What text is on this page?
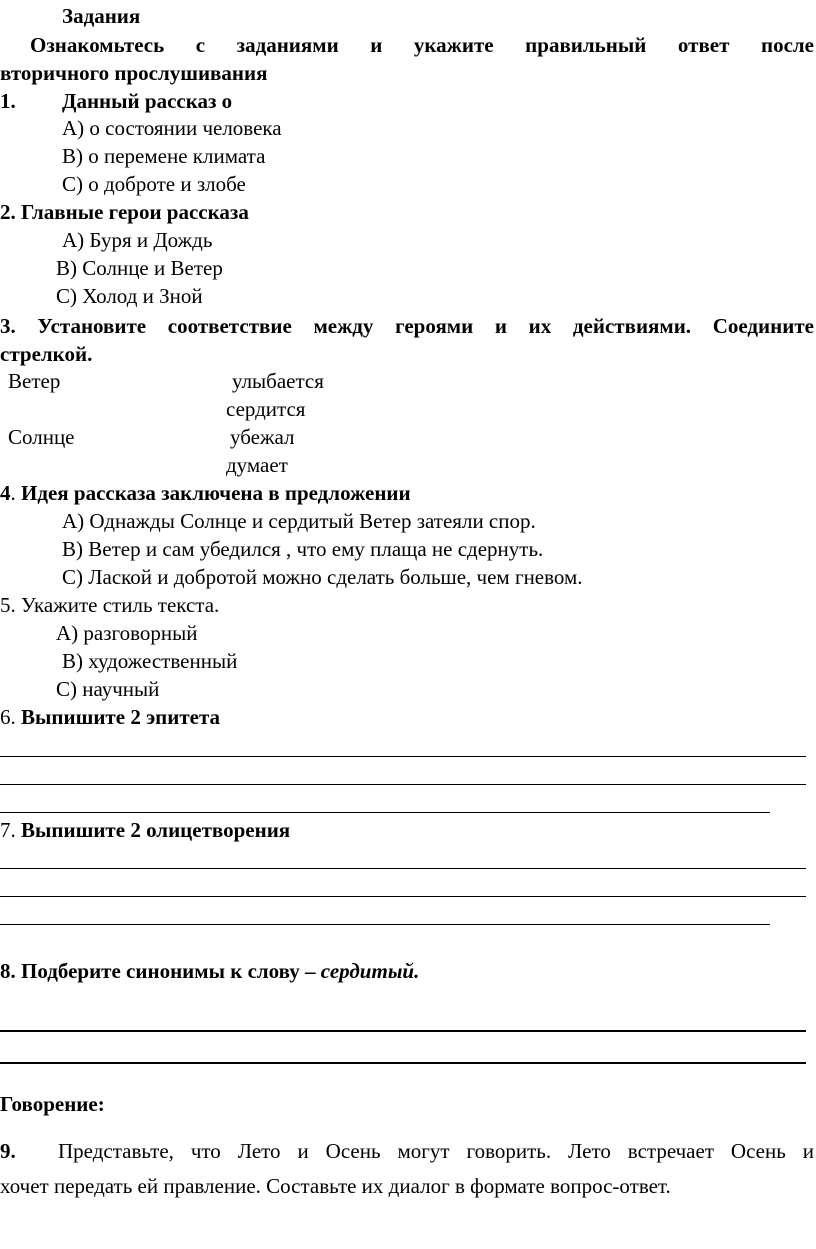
Задания
Ознакомьтесь с заданиями и укажите правильный ответ после
вторичного прослушивания
1. Данный рассказ о
А) о состоянии человека
В) о перемене климата
С) о доброте и злобе
2. Главные герои рассказа
А) Буря и Дождь
В) Солнце и Ветер
С) Холод и Зной
3. Установите соответствие между героями и их действиями. Соедините
стрелкой.
Ветер	улыбается
сердится
Солнце	убежал
думает
4. Идея рассказа заключена в предложении
А) Однажды Солнце и сердитый Ветер затеяли спор.
В) Ветер и сам убедился , что ему плаща не сдернуть.
С) Лаской и добротой можно сделать больше, чем гневом.
5. Укажите стиль текста.
А) разговорный
В) художественный
С) научный
6. Выпишите 2 эпитета
7. Выпишите 2 олицетворения
8. Подберите синонимы к слову – сердитый.
Говорение:
9. Представьте, что Лето и Осень могут говорить. Лето встречает Осень и
хочет передать ей правление. Составьте их диалог в формате вопрос-ответ.
